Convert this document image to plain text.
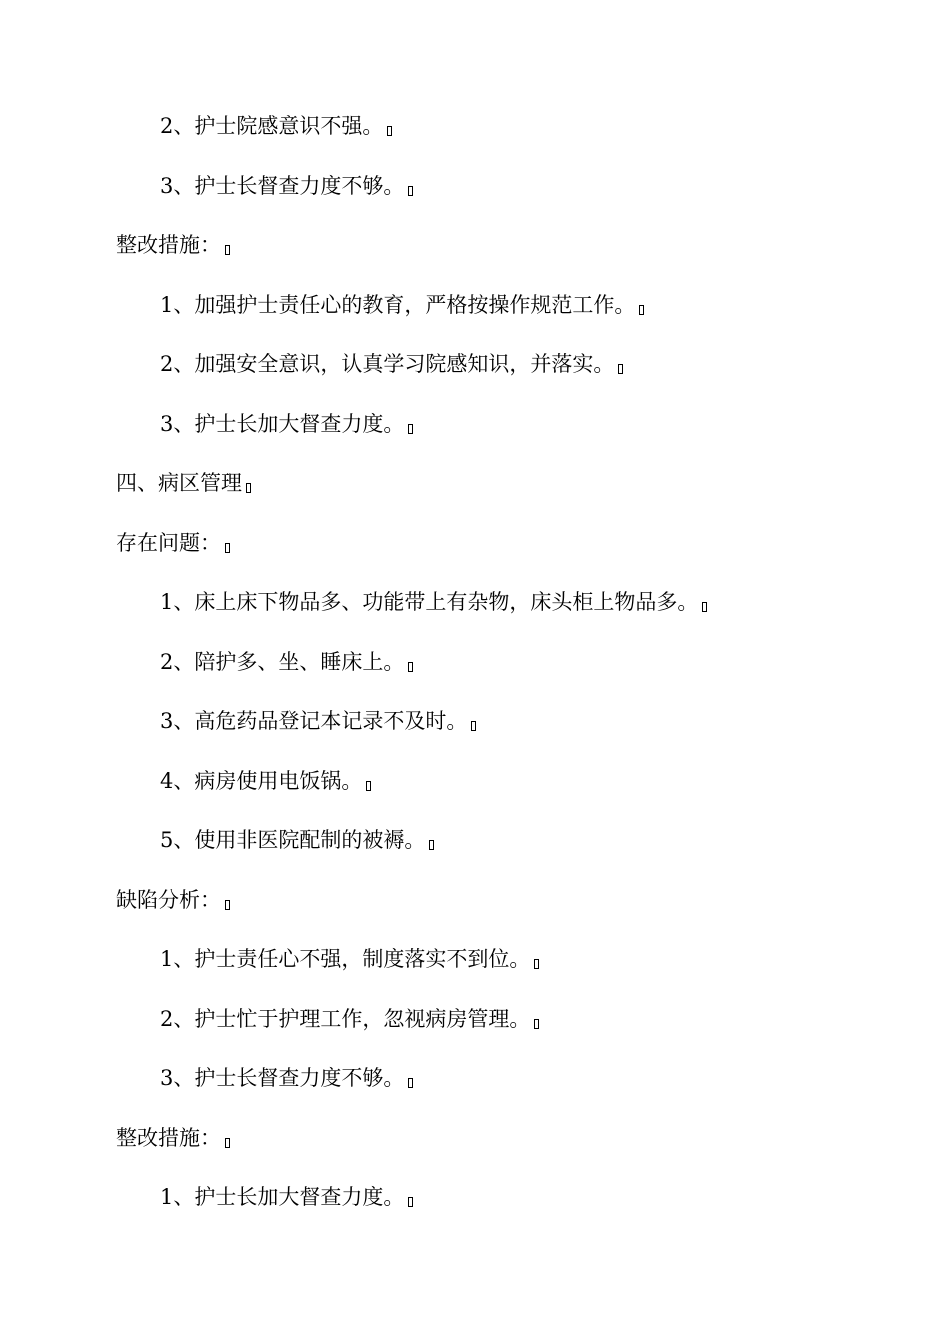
2、护士院感意识不强。
3、护士长督查力度不够。
整改措施：
1、加强护士责任心的教育，严格按操作规范工作。
2、加强安全意识，认真学习院感知识，并落实。
3、护士长加大督查力度。
四、病区管理
存在问题：
1、床上床下物品多、功能带上有杂物，床头柜上物品多。
2、陪护多、坐、睡床上。
3、高危药品登记本记录不及时。
4、病房使用电饭锅。
5、使用非医院配制的被褥。
缺陷分析：
1、护士责任心不强，制度落实不到位。
2、护士忙于护理工作，忽视病房管理。
3、护士长督查力度不够。
整改措施：
1、护士长加大督查力度。
